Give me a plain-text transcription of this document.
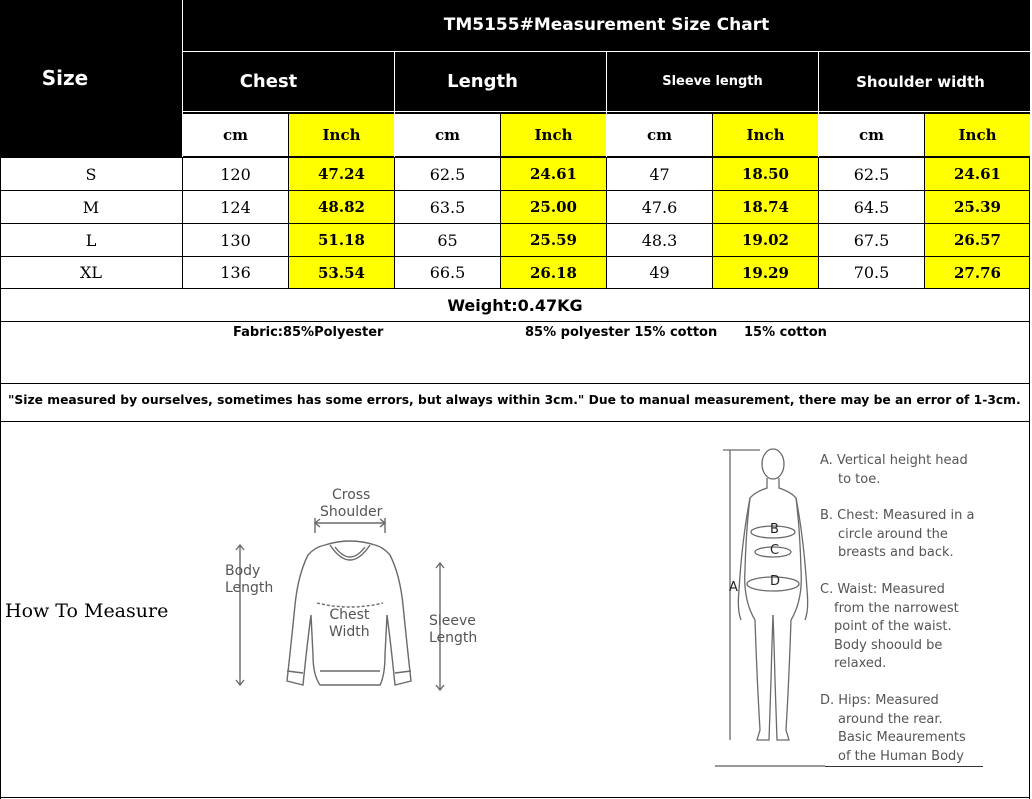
Size
TM5155#Measurement Size Chart
Chest	Length	Sleeve length	Shoulder width
cm	Inch	cm	Inch	cm	Inch	cm	Inch
S	120	47.24	62.5	24.61	47	18.50	62.5	24.61
M	124	48.82	63.5	25.00	47.6	18.74	64.5	25.39
L	130	51.18	65	25.59	48.3	19.02	67.5	26.57
XL	136	53.54	66.5	26.18	49	19.29	70.5	27.76
Weight:0.47KG
Fabric:85%Polyester	85% polyester 15% cotton 15% cotton
"Size measured by ourselves, sometimes has some errors, but always within 3cm." Due to manual measurement, there may be an error of 1-3cm.
How To Measure
Cross
Shoulder
Body
Length
Chest
Width
Sleeve
Length
B
C
D
A
A. Vertical height head
to toe.
B. Chest: Measured in a
circle around the
breasts and back.
C. Waist: Measured
from the narrowest
point of the waist.
Body shoould be
relaxed.
D. Hips: Measured
around the rear.
Basic Meaurements
of the Human Body
